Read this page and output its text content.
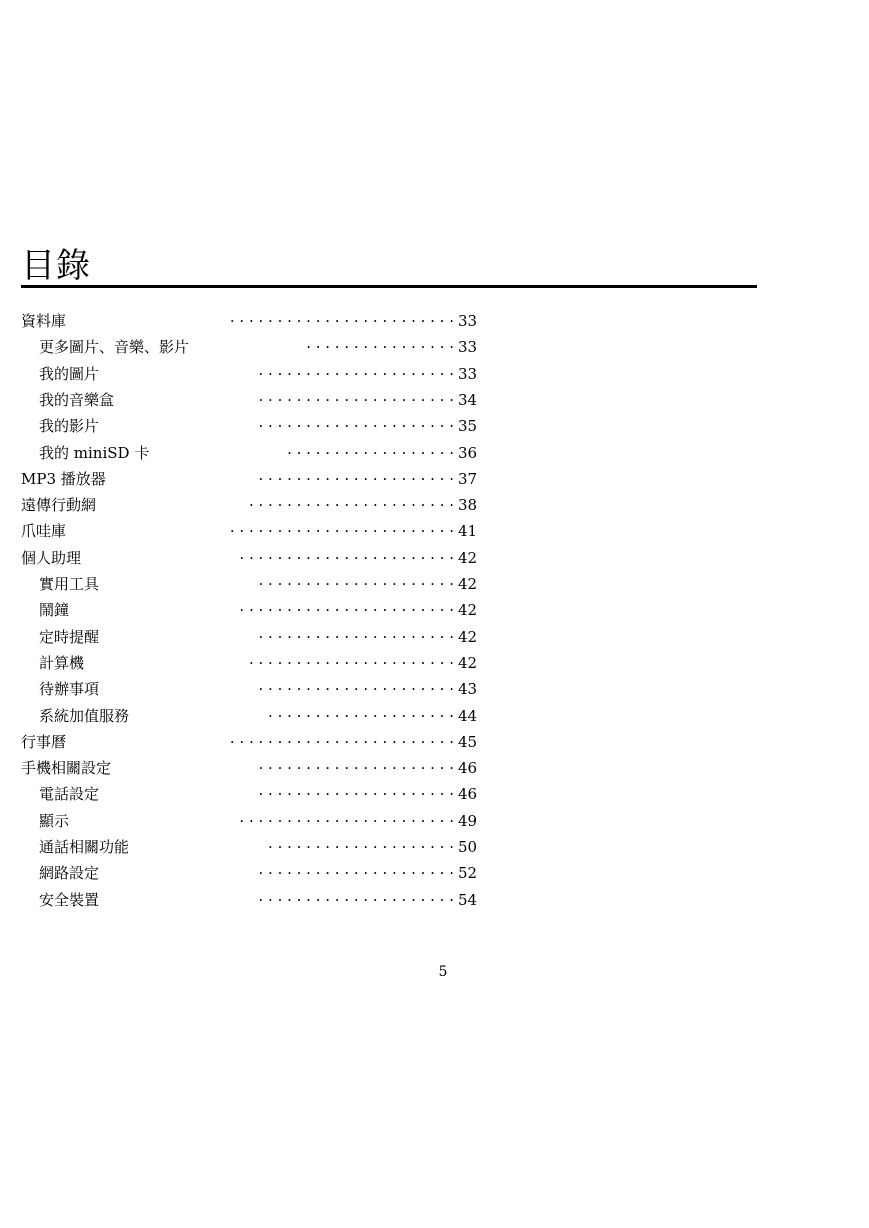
目錄
資料庫	· · · · · · · · · · · · · · · · · · · · · · · · 33
更多圖片、音樂、影片	· · · · · · · · · · · · · · · · 33
我的圖片	· · · · · · · · · · · · · · · · · · · · · 33
我的音樂盒	· · · · · · · · · · · · · · · · · · · · · 34
我的影片	· · · · · · · · · · · · · · · · · · · · · 35
我的 miniSD 卡	· · · · · · · · · · · · · · · · · · 36
MP3 播放器	· · · · · · · · · · · · · · · · · · · · · 37
遠傳行動網	· · · · · · · · · · · · · · · · · · · · · · 38
爪哇庫	· · · · · · · · · · · · · · · · · · · · · · · · 41
個人助理	· · · · · · · · · · · · · · · · · · · · · · · 42
實用工具	· · · · · · · · · · · · · · · · · · · · · 42
鬧鐘	· · · · · · · · · · · · · · · · · · · · · · · 42
定時提醒	· · · · · · · · · · · · · · · · · · · · · 42
計算機	· · · · · · · · · · · · · · · · · · · · · · 42
待辦事項	· · · · · · · · · · · · · · · · · · · · · 43
系統加值服務	· · · · · · · · · · · · · · · · · · · · 44
行事曆	· · · · · · · · · · · · · · · · · · · · · · · · 45
手機相關設定	· · · · · · · · · · · · · · · · · · · · · 46
電話設定	· · · · · · · · · · · · · · · · · · · · · 46
顯示	· · · · · · · · · · · · · · · · · · · · · · · 49
通話相關功能	· · · · · · · · · · · · · · · · · · · · 50
網路設定	· · · · · · · · · · · · · · · · · · · · · 52
安全裝置	· · · · · · · · · · · · · · · · · · · · · 54
5
